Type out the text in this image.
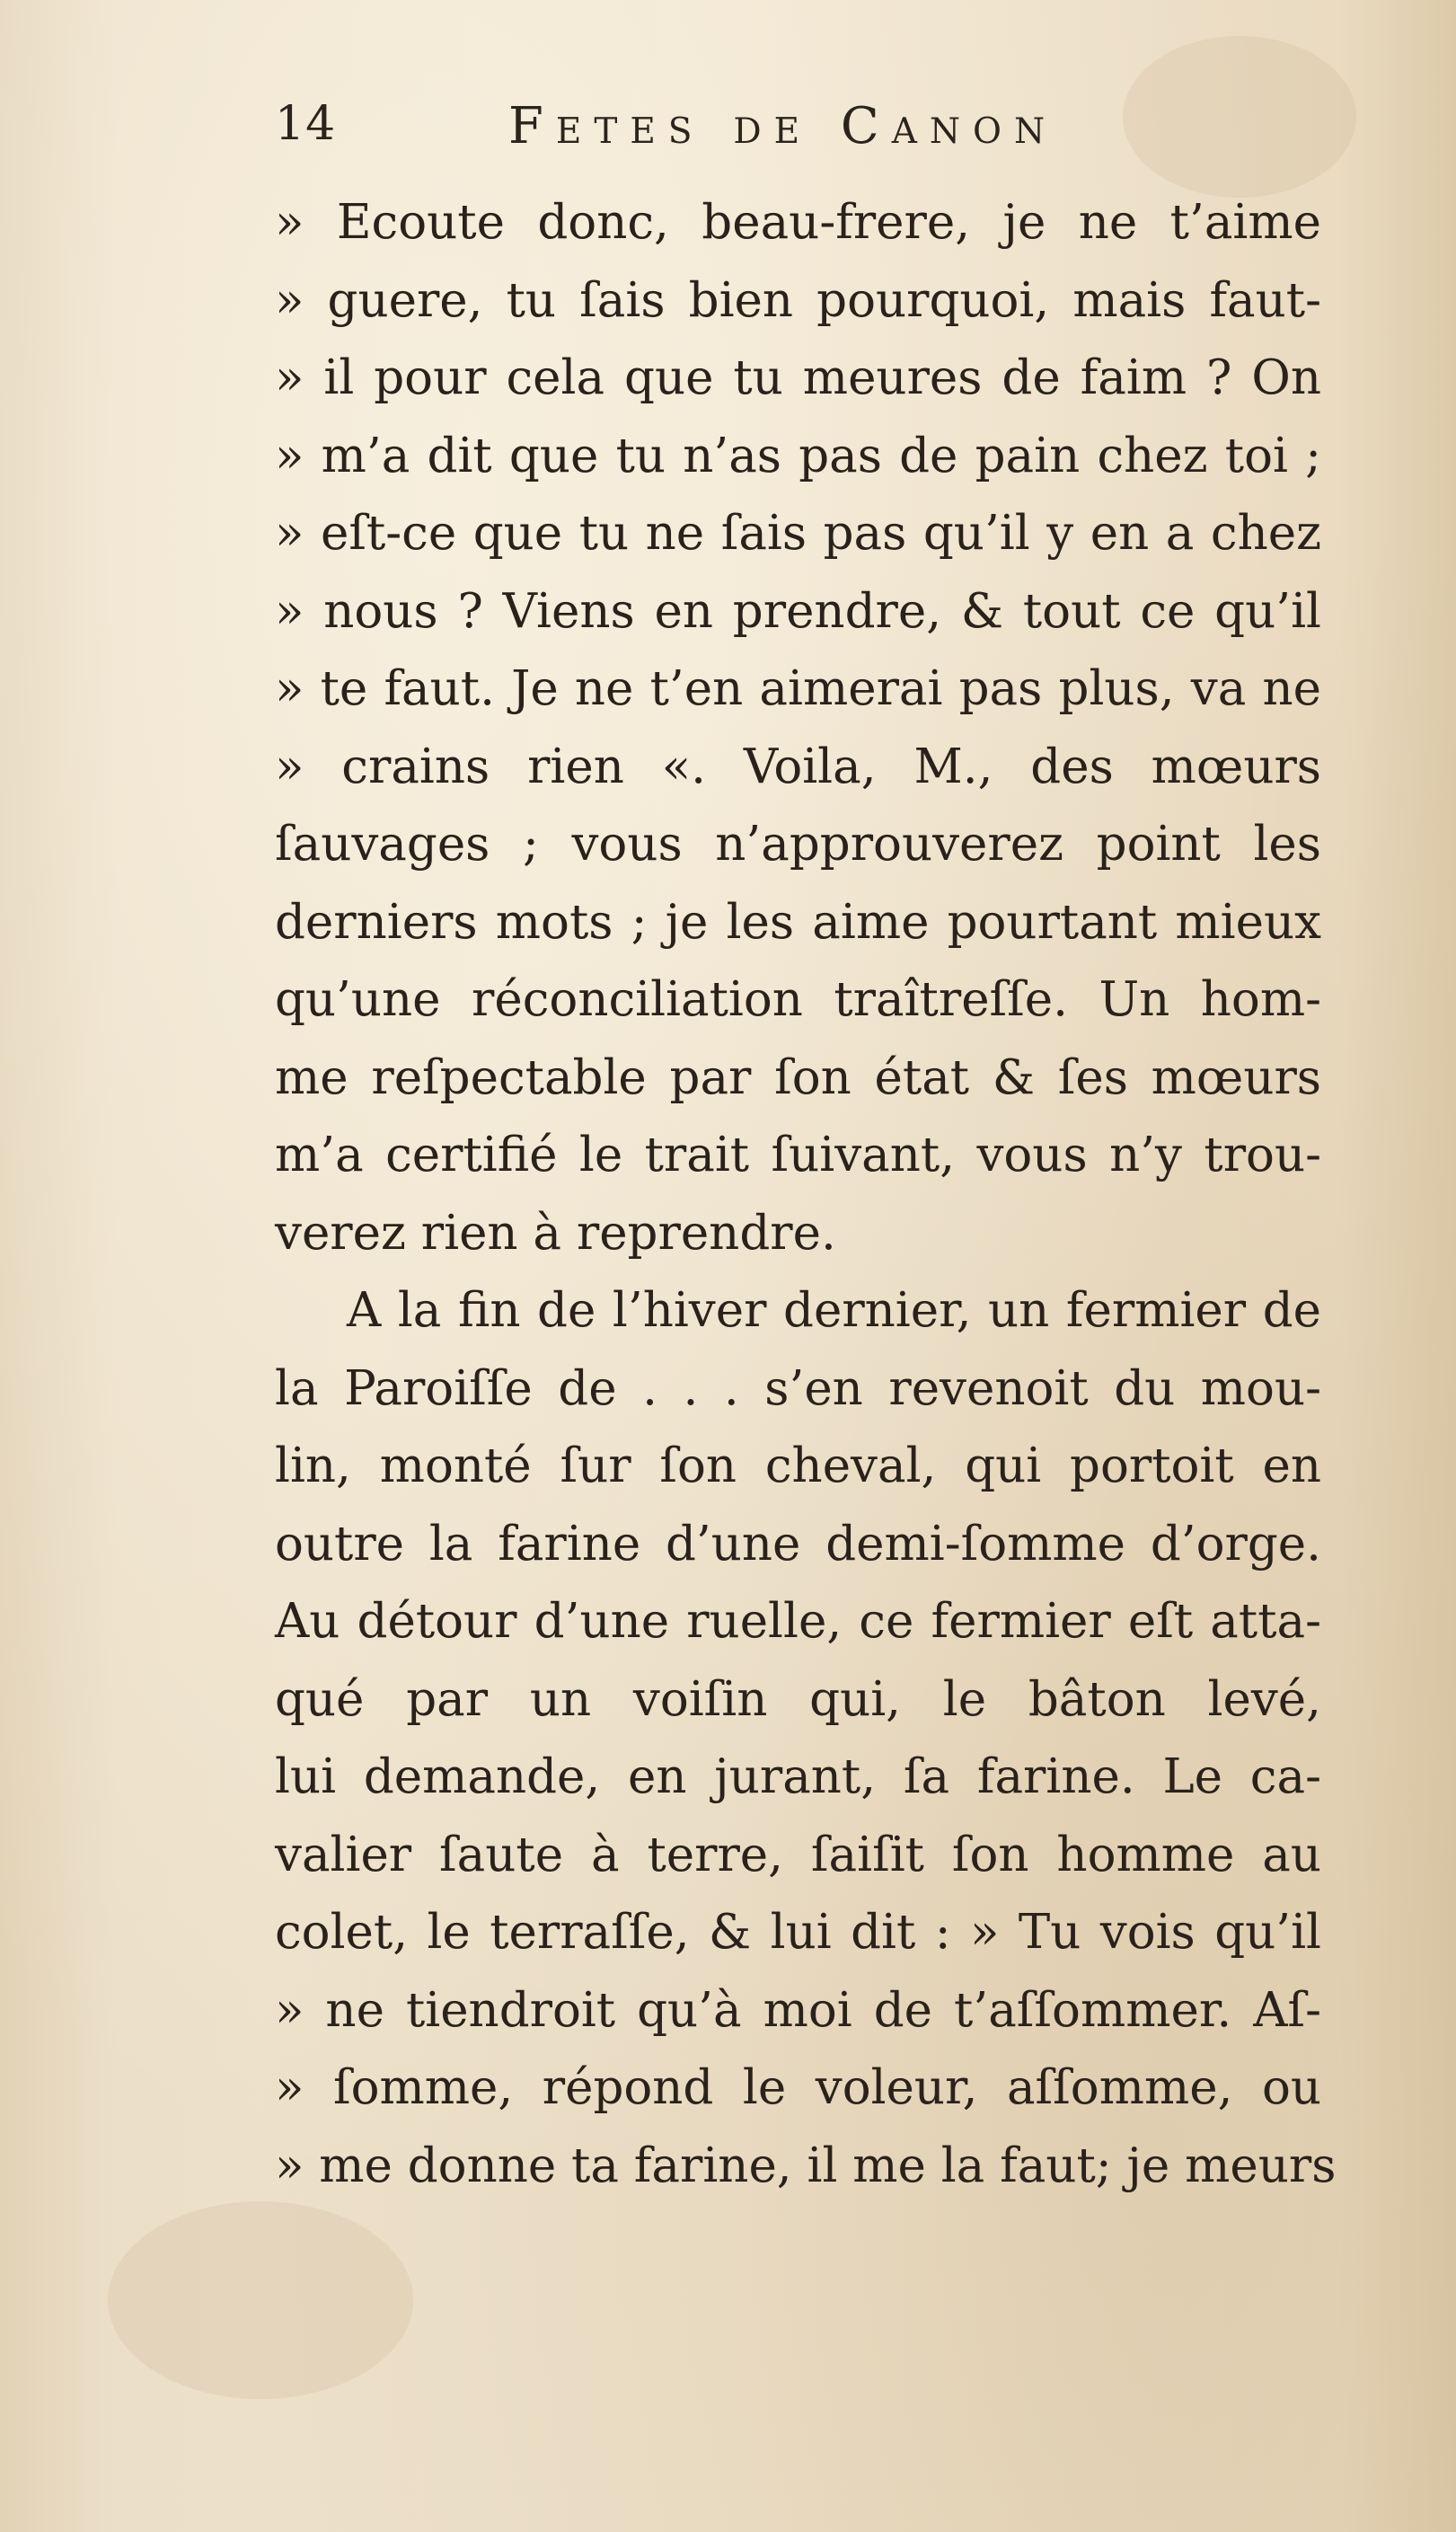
14	Fetes de Canon
» Ecoute donc, beau-frere, je ne t’aime
» guere, tu ſais bien pourquoi, mais faut-
» il pour cela que tu meures de faim ? On
» m’a dit que tu n’as pas de pain chez toi ;
» eſt-ce que tu ne ſais pas qu’il y en a chez
» nous ? Viens en prendre, & tout ce qu’il
» te faut. Je ne t’en aimerai pas plus, va ne
» crains rien «. Voila, M., des mœurs
ſauvages ; vous n’approuverez point les
derniers mots ; je les aime pourtant mieux
qu’une réconciliation traîtreſſe. Un hom-
me reſpectable par ſon état & ſes mœurs
m’a certifié le trait ſuivant, vous n’y trou-
verez rien à reprendre.
A la fin de l’hiver dernier, un fermier de
la Paroiſſe de . . . s’en revenoit du mou-
lin, monté ſur ſon cheval, qui portoit en
outre la farine d’une demi-ſomme d’orge.
Au détour d’une ruelle, ce fermier eſt atta-
qué par un voiſin qui, le bâton levé,
lui demande, en jurant, ſa farine. Le ca-
valier ſaute à terre, ſaiſit ſon homme au
colet, le terraſſe, & lui dit : » Tu vois qu’il
» ne tiendroit qu’à moi de t’aſſommer. Aſ-
» ſomme, répond le voleur, aſſomme, ou
» me donne ta farine, il me la faut; je meurs
